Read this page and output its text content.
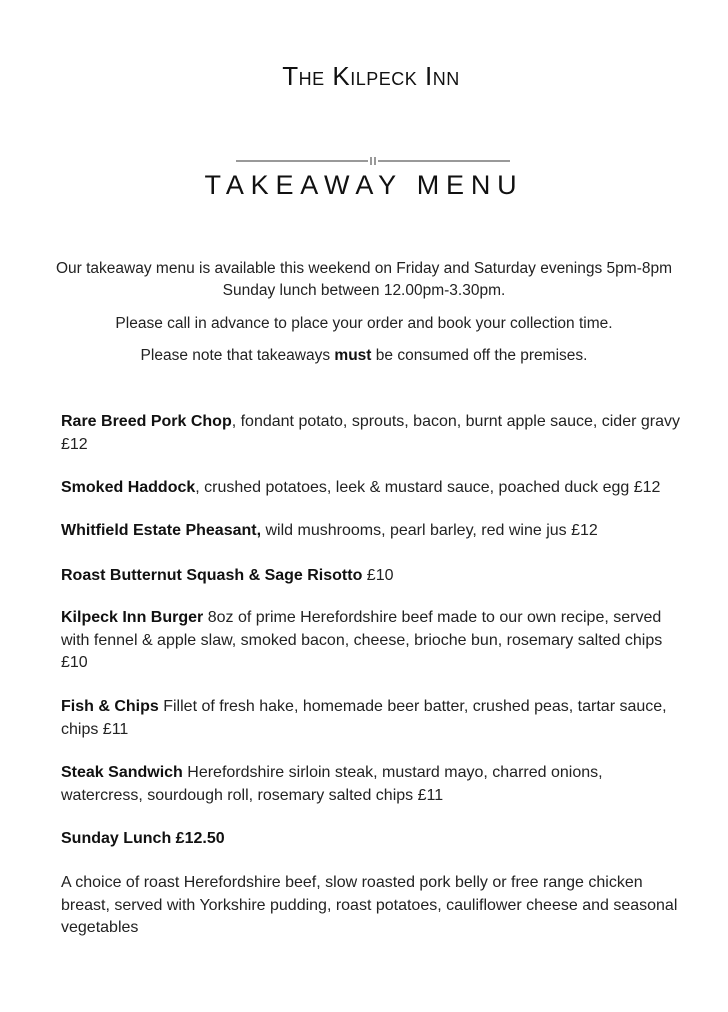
The Kilpeck Inn
TAKEAWAY MENU
Our takeaway menu is available this weekend on Friday and Saturday evenings 5pm-8pm Sunday lunch between 12.00pm-3.30pm.
Please call in advance to place your order and book your collection time.
Please note that takeaways must be consumed off the premises.
Rare Breed Pork Chop, fondant potato, sprouts, bacon, burnt apple sauce, cider gravy £12
Smoked Haddock, crushed potatoes, leek & mustard sauce, poached duck egg £12
Whitfield Estate Pheasant, wild mushrooms, pearl barley, red wine jus £12
Roast Butternut Squash & Sage Risotto £10
Kilpeck Inn Burger 8oz of prime Herefordshire beef made to our own recipe, served with fennel & apple slaw, smoked bacon, cheese, brioche bun, rosemary salted chips £10
Fish & Chips Fillet of fresh hake, homemade beer batter, crushed peas, tartar sauce, chips £11
Steak Sandwich Herefordshire sirloin steak, mustard mayo, charred onions, watercress, sourdough roll, rosemary salted chips £11
Sunday Lunch £12.50
A choice of roast Herefordshire beef, slow roasted pork belly or free range chicken breast, served with Yorkshire pudding, roast potatoes, cauliflower cheese and seasonal vegetables
